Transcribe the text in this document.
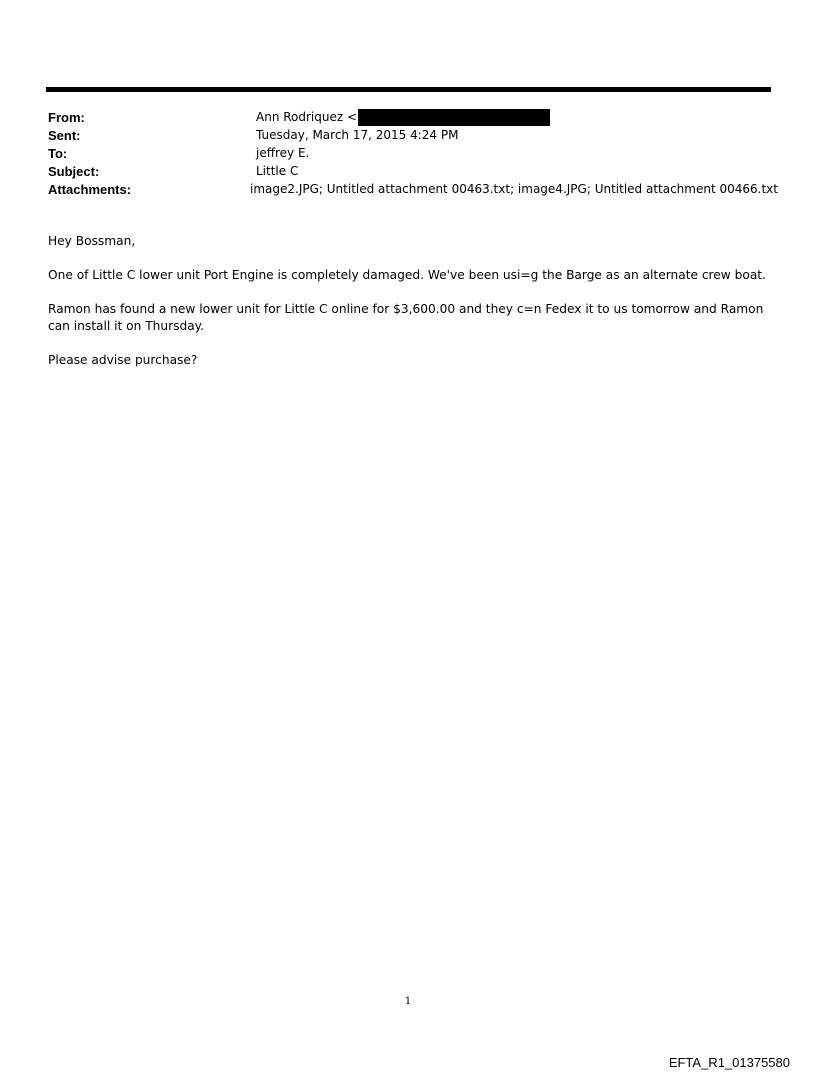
From:	Ann Rodriquez <
Sent:	Tuesday, March 17, 2015 4:24 PM
To:	jeffrey E.
Subject:	Little C
Attachments:	image2.JPG; Untitled attachment 00463.txt; image4.JPG; Untitled attachment 00466.txt

Hey Bossman,

One of Little C lower unit Port Engine is completely damaged. We've been usi=g the Barge as an alternate crew boat.

Ramon has found a new lower unit for Little C online for $3,600.00 and they c=n Fedex it to us tomorrow and Ramon can install it on Thursday.

Please advise purchase?

1
EFTA_R1_01375580
